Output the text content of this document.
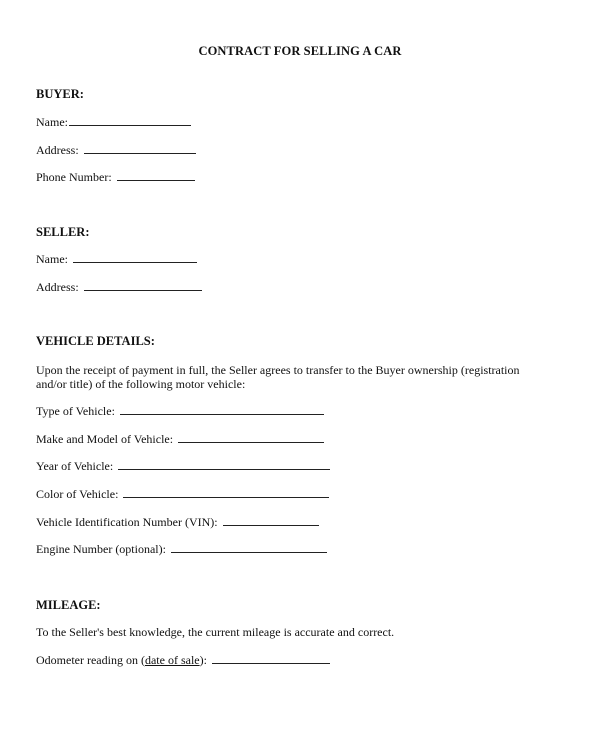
CONTRACT FOR SELLING A CAR
BUYER:
Name:
Address:
Phone Number:
SELLER:
Name:
Address:
VEHICLE DETAILS:
Upon the receipt of payment in full, the Seller agrees to transfer to the Buyer ownership (registration
and/or title) of the following motor vehicle:
Type of Vehicle:
Make and Model of Vehicle:
Year of Vehicle:
Color of Vehicle:
Vehicle Identification Number (VIN):
Engine Number (optional):
MILEAGE:
To the Seller's best knowledge, the current mileage is accurate and correct.
Odometer reading on (date of sale):
